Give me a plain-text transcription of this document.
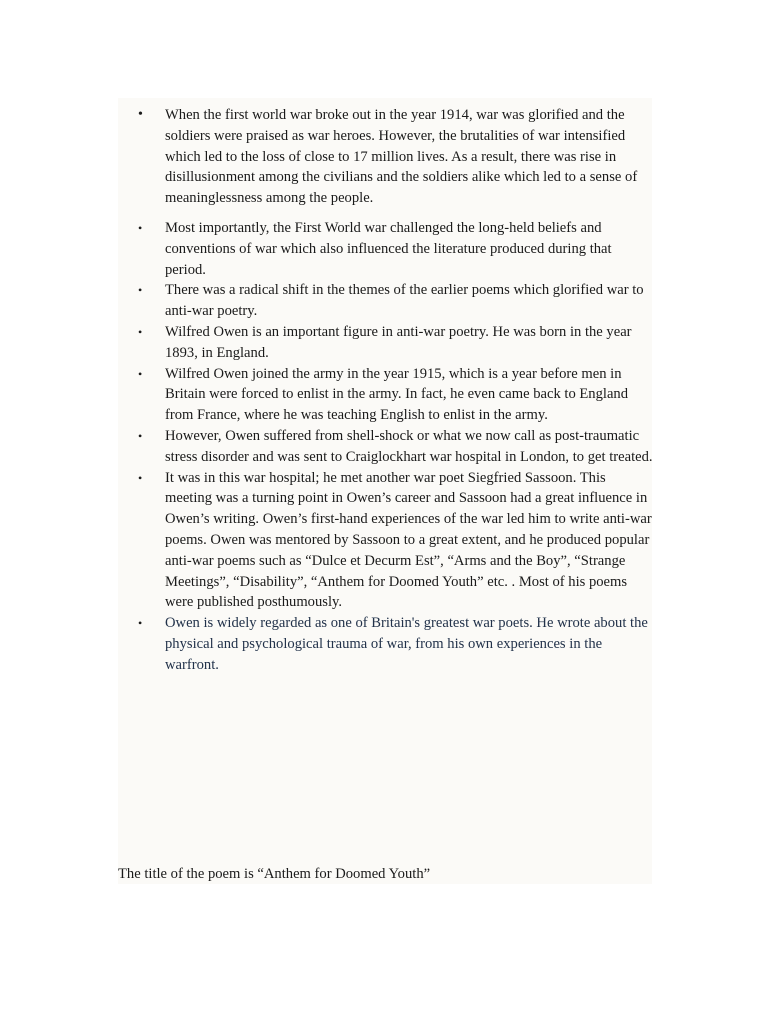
• When the first world war broke out in the year 1914, war was glorified and the soldiers were praised as war heroes. However, the brutalities of war intensified which led to the loss of close to 17 million lives. As a result, there was rise in disillusionment among the civilians and the soldiers alike which led to a sense of meaninglessness among the people.
• Most importantly, the First World war challenged the long-held beliefs and conventions of war which also influenced the literature produced during that period.
• There was a radical shift in the themes of the earlier poems which glorified war to anti-war poetry.
• Wilfred Owen is an important figure in anti-war poetry. He was born in the year 1893, in England.
• Wilfred Owen joined the army in the year 1915, which is a year before men in Britain were forced to enlist in the army. In fact, he even came back to England from France, where he was teaching English to enlist in the army.
• However, Owen suffered from shell-shock or what we now call as post-traumatic stress disorder and was sent to Craiglockhart war hospital in London, to get treated.
• It was in this war hospital; he met another war poet Siegfried Sassoon. This meeting was a turning point in Owen’s career and Sassoon had a great influence in Owen’s writing. Owen’s first-hand experiences of the war led him to write anti-war poems. Owen was mentored by Sassoon to a great extent, and he produced popular anti-war poems such as “Dulce et Decurm Est”, “Arms and the Boy”, “Strange Meetings”, “Disability”, “Anthem for Doomed Youth” etc. . Most of his poems were published posthumously.
• Owen is widely regarded as one of Britain's greatest war poets. He wrote about the physical and psychological trauma of war, from his own experiences in the warfront.
The title of the poem is “Anthem for Doomed Youth”
